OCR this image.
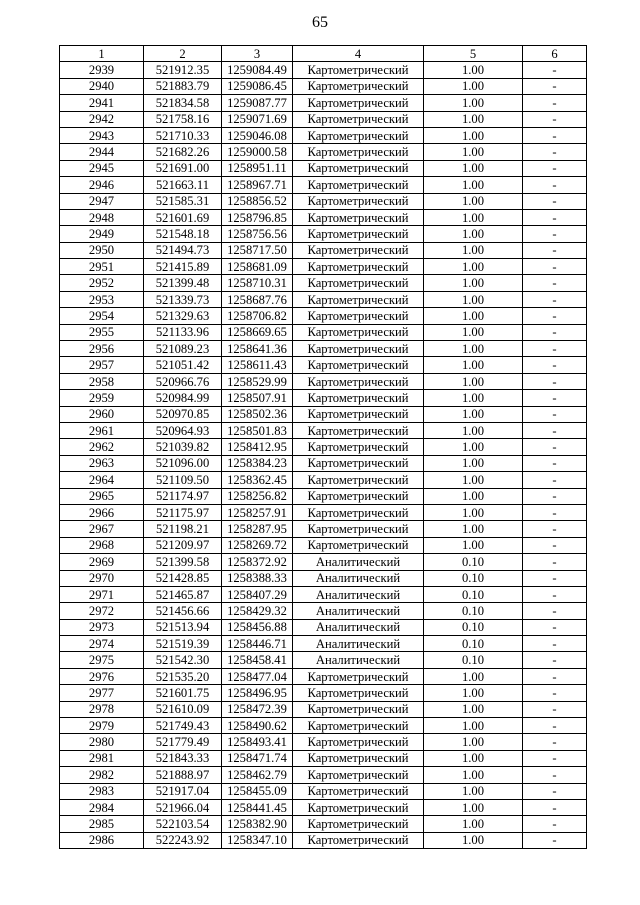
65
1	2	3	4	5	6
2939	521912.35	1259084.49	Картометрический	1.00	-
2940	521883.79	1259086.45	Картометрический	1.00	-
2941	521834.58	1259087.77	Картометрический	1.00	-
2942	521758.16	1259071.69	Картометрический	1.00	-
2943	521710.33	1259046.08	Картометрический	1.00	-
2944	521682.26	1259000.58	Картометрический	1.00	-
2945	521691.00	1258951.11	Картометрический	1.00	-
2946	521663.11	1258967.71	Картометрический	1.00	-
2947	521585.31	1258856.52	Картометрический	1.00	-
2948	521601.69	1258796.85	Картометрический	1.00	-
2949	521548.18	1258756.56	Картометрический	1.00	-
2950	521494.73	1258717.50	Картометрический	1.00	-
2951	521415.89	1258681.09	Картометрический	1.00	-
2952	521399.48	1258710.31	Картометрический	1.00	-
2953	521339.73	1258687.76	Картометрический	1.00	-
2954	521329.63	1258706.82	Картометрический	1.00	-
2955	521133.96	1258669.65	Картометрический	1.00	-
2956	521089.23	1258641.36	Картометрический	1.00	-
2957	521051.42	1258611.43	Картометрический	1.00	-
2958	520966.76	1258529.99	Картометрический	1.00	-
2959	520984.99	1258507.91	Картометрический	1.00	-
2960	520970.85	1258502.36	Картометрический	1.00	-
2961	520964.93	1258501.83	Картометрический	1.00	-
2962	521039.82	1258412.95	Картометрический	1.00	-
2963	521096.00	1258384.23	Картометрический	1.00	-
2964	521109.50	1258362.45	Картометрический	1.00	-
2965	521174.97	1258256.82	Картометрический	1.00	-
2966	521175.97	1258257.91	Картометрический	1.00	-
2967	521198.21	1258287.95	Картометрический	1.00	-
2968	521209.97	1258269.72	Картометрический	1.00	-
2969	521399.58	1258372.92	Аналитический	0.10	-
2970	521428.85	1258388.33	Аналитический	0.10	-
2971	521465.87	1258407.29	Аналитический	0.10	-
2972	521456.66	1258429.32	Аналитический	0.10	-
2973	521513.94	1258456.88	Аналитический	0.10	-
2974	521519.39	1258446.71	Аналитический	0.10	-
2975	521542.30	1258458.41	Аналитический	0.10	-
2976	521535.20	1258477.04	Картометрический	1.00	-
2977	521601.75	1258496.95	Картометрический	1.00	-
2978	521610.09	1258472.39	Картометрический	1.00	-
2979	521749.43	1258490.62	Картометрический	1.00	-
2980	521779.49	1258493.41	Картометрический	1.00	-
2981	521843.33	1258471.74	Картометрический	1.00	-
2982	521888.97	1258462.79	Картометрический	1.00	-
2983	521917.04	1258455.09	Картометрический	1.00	-
2984	521966.04	1258441.45	Картометрический	1.00	-
2985	522103.54	1258382.90	Картометрический	1.00	-
2986	522243.92	1258347.10	Картометрический	1.00	-
